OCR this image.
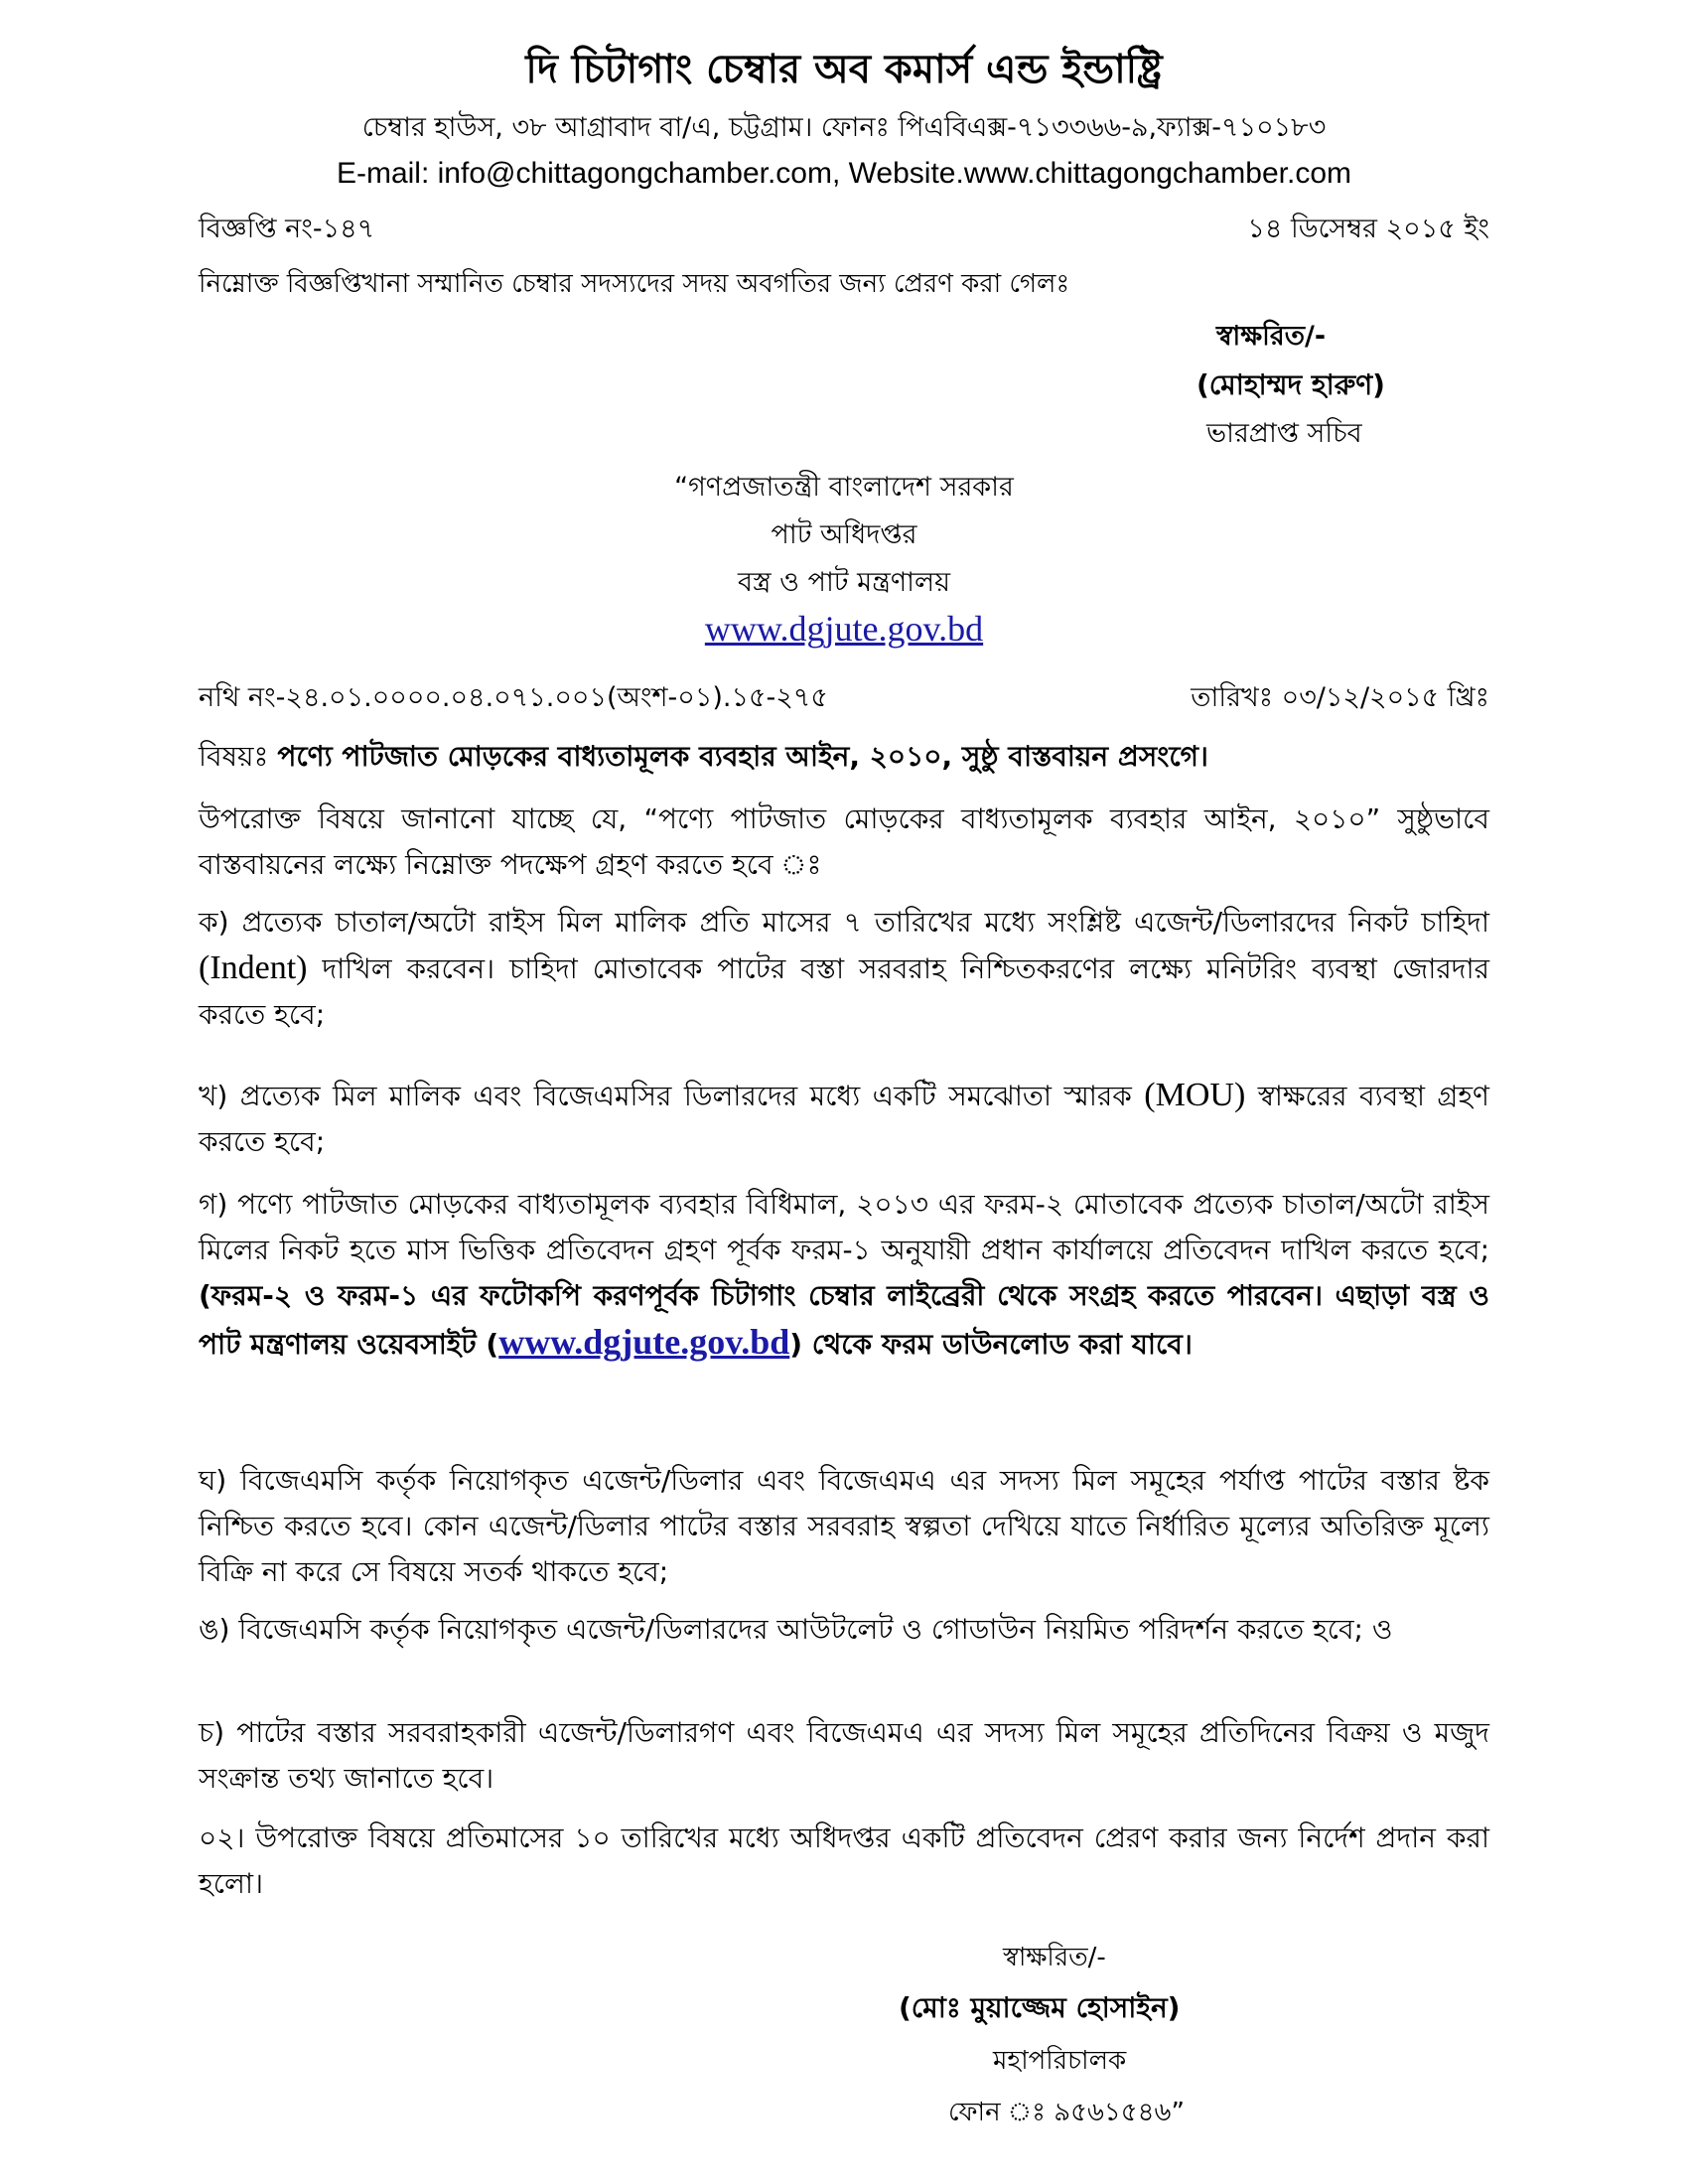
দি চিটাগাং চেম্বার অব কমার্স এন্ড ইন্ডাষ্ট্রি
চেম্বার হাউস, ৩৮ আগ্রাবাদ বা/এ, চট্টগ্রাম। ফোনঃ পিএবিএক্স-৭১৩৩৬৬-৯,ফ্যাক্স-৭১০১৮৩
E-mail: info@chittagongchamber.com, Website.www.chittagongchamber.com
বিজ্ঞপ্তি নং-১৪৭	১৪ ডিসেম্বর ২০১৫ ইং
নিম্নোক্ত বিজ্ঞপ্তিখানা সম্মানিত চেম্বার সদস্যদের সদয় অবগতির জন্য প্রেরণ করা গেলঃ
স্বাক্ষরিত/-
(মোহাম্মদ হারুণ)
ভারপ্রাপ্ত সচিব
“গণপ্রজাতন্ত্রী বাংলাদেশ সরকার
পাট অধিদপ্তর
বস্ত্র ও পাট মন্ত্রণালয়
www.dgjute.gov.bd
নথি নং-২৪.০১.০০০০.০৪.০৭১.০০১(অংশ-০১).১৫-২৭৫	তারিখঃ ০৩/১২/২০১৫ খ্রিঃ
বিষয়ঃ পণ্যে পাটজাত মোড়কের বাধ্যতামূলক ব্যবহার আইন, ২০১০, সুষ্ঠু বাস্তবায়ন প্রসংগে।

উপরোক্ত বিষয়ে জানানো যাচ্ছে যে, “পণ্যে পাটজাত মোড়কের বাধ্যতামূলক ব্যবহার আইন, ২০১০” সুষ্ঠুভাবে বাস্তবায়নের লক্ষ্যে নিম্নোক্ত পদক্ষেপ গ্রহণ করতে হবে ঃ

ক) প্রত্যেক চাতাল/অটো রাইস মিল মালিক প্রতি মাসের ৭ তারিখের মধ্যে সংশ্লিষ্ট এজেন্ট/ডিলারদের নিকট চাহিদা (Indent) দাখিল করবেন। চাহিদা মোতাবেক পাটের বস্তা সরবরাহ নিশ্চিতকরণের লক্ষ্যে মনিটরিং ব্যবস্থা জোরদার করতে হবে;

খ) প্রত্যেক মিল মালিক এবং বিজেএমসির ডিলারদের মধ্যে একটি সমঝোতা স্মারক (MOU) স্বাক্ষরের ব্যবস্থা গ্রহণ করতে হবে;

গ) পণ্যে পাটজাত মোড়কের বাধ্যতামূলক ব্যবহার বিধিমাল, ২০১৩ এর ফরম-২ মোতাবেক প্রত্যেক চাতাল/অটো রাইস মিলের নিকট হতে মাস ভিত্তিক প্রতিবেদন গ্রহণ পূর্বক ফরম-১ অনুযায়ী প্রধান কার্যালয়ে প্রতিবেদন দাখিল করতে হবে; (ফরম-২ ও ফরম-১ এর ফটোকপি করণপূর্বক চিটাগাং চেম্বার লাইব্রেরী থেকে সংগ্রহ করতে পারবেন। এছাড়া বস্ত্র ও পাট মন্ত্রণালয় ওয়েবসাইট (www.dgjute.gov.bd) থেকে ফরম ডাউনলোড করা যাবে।

ঘ) বিজেএমসি কর্তৃক নিয়োগকৃত এজেন্ট/ডিলার এবং বিজেএমএ এর সদস্য মিল সমূহের পর্যাপ্ত পাটের বস্তার ষ্টক নিশ্চিত করতে হবে। কোন এজেন্ট/ডিলার পাটের বস্তার সরবরাহ স্বল্পতা দেখিয়ে যাতে নির্ধারিত মূল্যের অতিরিক্ত মূল্যে বিক্রি না করে সে বিষয়ে সতর্ক থাকতে হবে;

ঙ) বিজেএমসি কর্তৃক নিয়োগকৃত এজেন্ট/ডিলারদের আউটলেট ও গোডাউন নিয়মিত পরিদর্শন করতে হবে; ও

চ) পাটের বস্তার সরবরাহকারী এজেন্ট/ডিলারগণ এবং বিজেএমএ এর সদস্য মিল সমূহের প্রতিদিনের বিক্রয় ও মজুদ সংক্রান্ত তথ্য জানাতে হবে।

০২। উপরোক্ত বিষয়ে প্রতিমাসের ১০ তারিখের মধ্যে অধিদপ্তর একটি প্রতিবেদন প্রেরণ করার জন্য নির্দেশ প্রদান করা হলো।

স্বাক্ষরিত/-
(মোঃ মুয়াজ্জেম হোসাইন)
মহাপরিচালক
ফোন ঃ ৯৫৬১৫৪৬”
